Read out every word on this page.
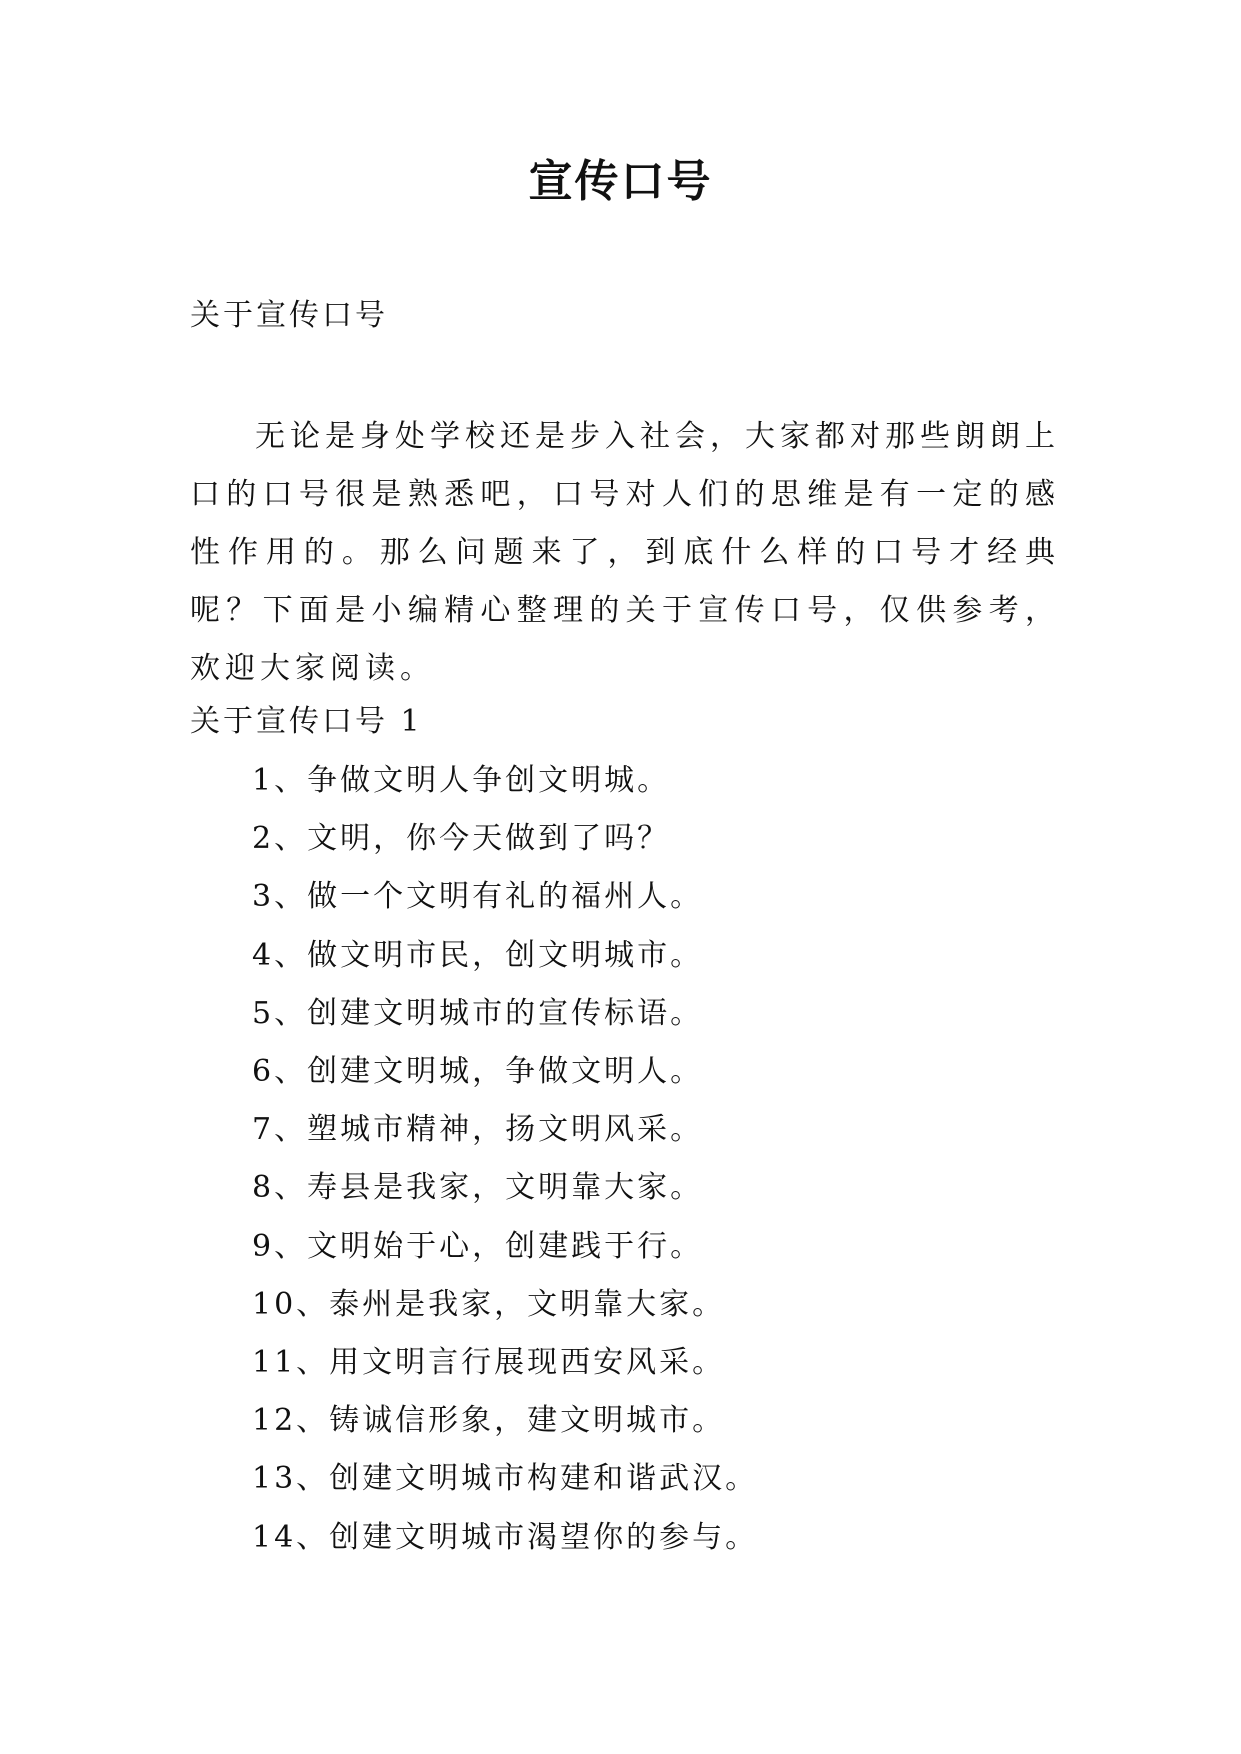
宣传口号
关于宣传口号

无论是身处学校还是步入社会，大家都对那些朗朗上口的口号很是熟悉吧，口号对人们的思维是有一定的感性作用的。那么问题来了，到底什么样的口号才经典呢？下面是小编精心整理的关于宣传口号，仅供参考，欢迎大家阅读。

关于宣传口号 1
1、争做文明人争创文明城。
2、文明，你今天做到了吗？
3、做一个文明有礼的福州人。
4、做文明市民，创文明城市。
5、创建文明城市的宣传标语。
6、创建文明城，争做文明人。
7、塑城市精神，扬文明风采。
8、寿县是我家，文明靠大家。
9、文明始于心，创建践于行。
10、泰州是我家，文明靠大家。
11、用文明言行展现西安风采。
12、铸诚信形象，建文明城市。
13、创建文明城市构建和谐武汉。
14、创建文明城市渴望你的参与。
